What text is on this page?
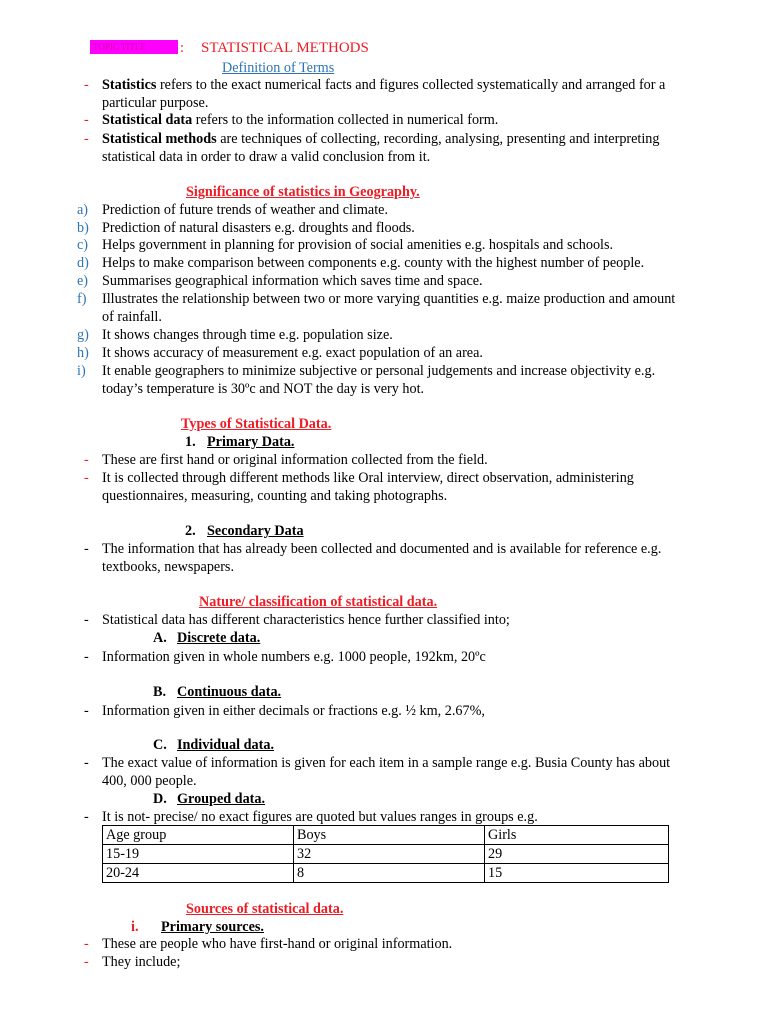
TOPIC TITLE	: STATISTICAL METHODS
Definition of Terms
- Statistics refers to the exact numerical facts and figures collected systematically and arranged for a
particular purpose.
- Statistical data refers to the information collected in numerical form.
- Statistical methods are techniques of collecting, recording, analysing, presenting and interpreting
statistical data in order to draw a valid conclusion from it.
Significance of statistics in Geography.
a) Prediction of future trends of weather and climate.
b) Prediction of natural disasters e.g. droughts and floods.
c) Helps government in planning for provision of social amenities e.g. hospitals and schools.
d) Helps to make comparison between components e.g. county with the highest number of people.
e) Summarises geographical information which saves time and space.
f) Illustrates the relationship between two or more varying quantities e.g. maize production and amount
of rainfall.
g) It shows changes through time e.g. population size.
h) It shows accuracy of measurement e.g. exact population of an area.
i) It enable geographers to minimize subjective or personal judgements and increase objectivity e.g.
today’s temperature is 30ºc and NOT the day is very hot.
Types of Statistical Data.
1. Primary Data.
- These are first hand or original information collected from the field.
- It is collected through different methods like Oral interview, direct observation, administering
questionnaires, measuring, counting and taking photographs.
2. Secondary Data
- The information that has already been collected and documented and is available for reference e.g.
textbooks, newspapers.
Nature/ classification of statistical data.
- Statistical data has different characteristics hence further classified into;
A. Discrete data.
- Information given in whole numbers e.g. 1000 people, 192km, 20ºc
B. Continuous data.
- Information given in either decimals or fractions e.g. ½ km, 2.67%,
C. Individual data.
- The exact value of information is given for each item in a sample range e.g. Busia County has about
400, 000 people.
D. Grouped data.
- It is not- precise/ no exact figures are quoted but values ranges in groups e.g.
Age group	Boys	Girls
15-19	32	29
20-24	8	15
Sources of statistical data.
i. Primary sources.
- These are people who have first-hand or original information.
- They include;
